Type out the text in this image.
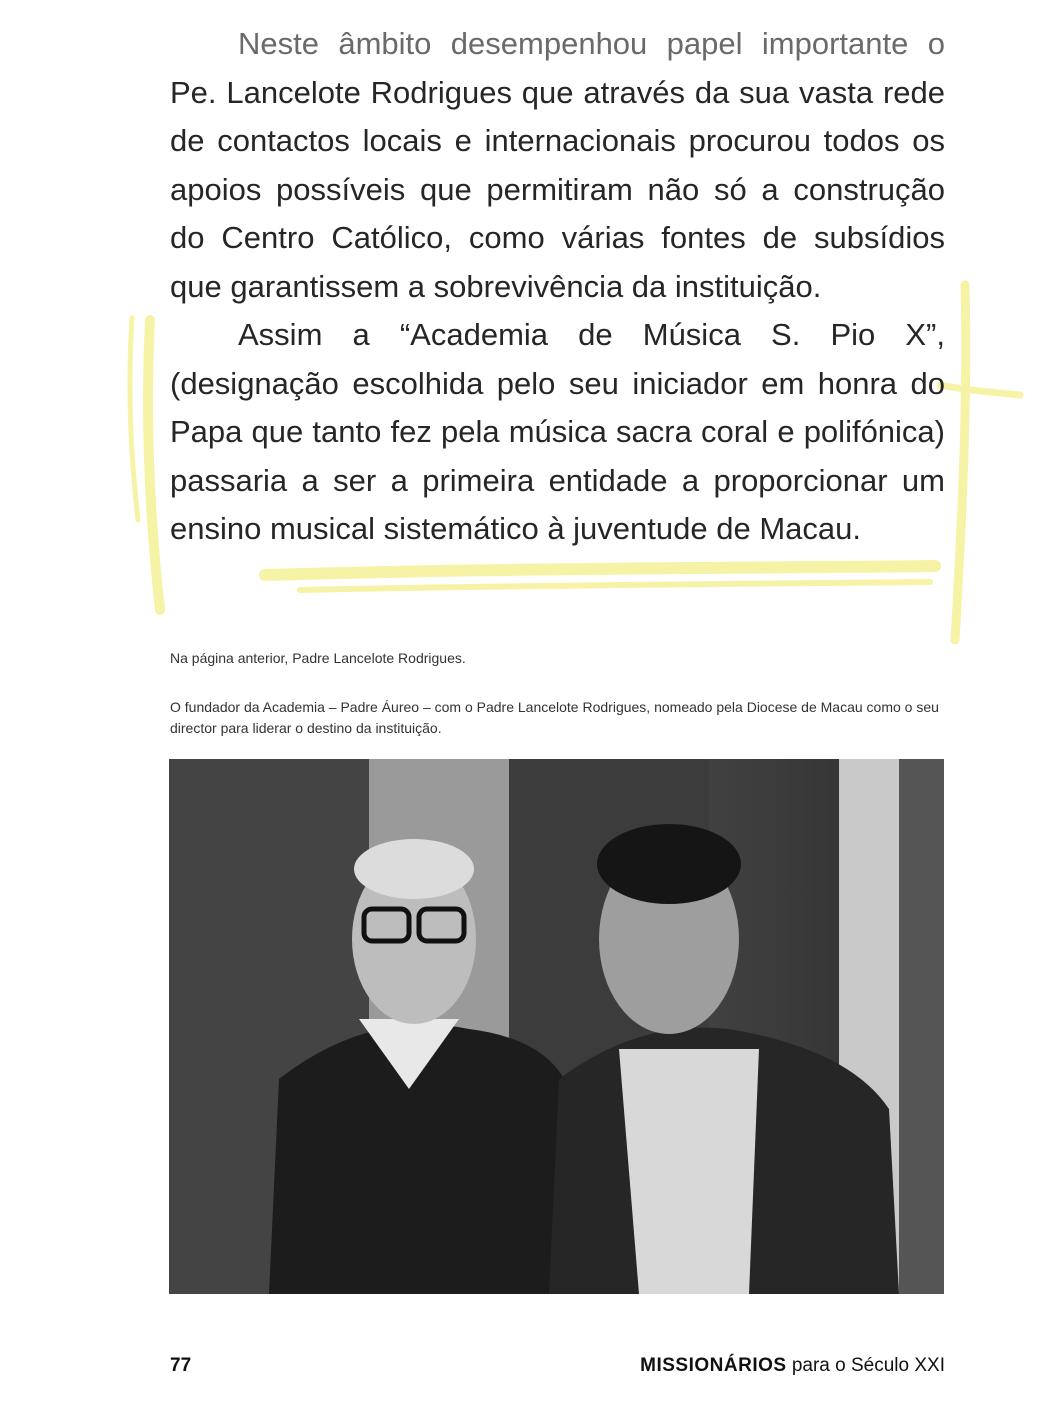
Neste âmbito desempenhou papel importante o Pe. Lancelote Rodrigues que através da sua vasta rede de contactos locais e internacionais procurou todos os apoios possíveis que permitiram não só a construção do Centro Católico, como várias fontes de subsídios que garantissem a sobrevivência da instituição.

Assim a “Academia de Música S. Pio X”, (designação escolhida pelo seu iniciador em honra do Papa que tanto fez pela música sacra coral e polifónica) passaria a ser a primeira entidade a proporcionar um ensino musical sistemático à juventude de Macau.

Na página anterior, Padre Lancelote Rodrigues.
O fundador da Academia – Padre Áureo – com o Padre Lancelote Rodrigues, nomeado pela Diocese de Macau como o seu director para liderar o destino da instituição.
77	MISSIONÁRIOS para o Século XXI
